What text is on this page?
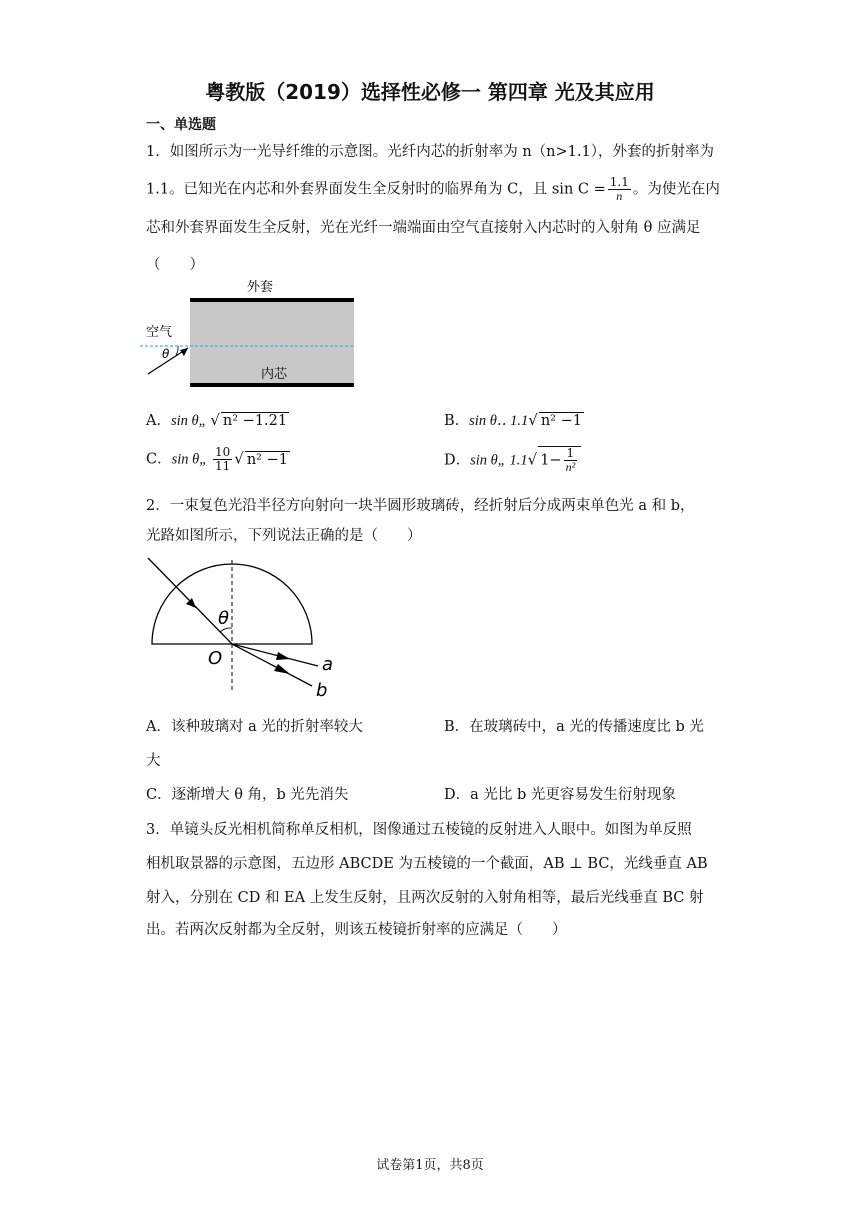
粤教版（2019）选择性必修一 第四章 光及其应用
一、单选题
1．如图所示为一光导纤维的示意图。光纤内芯的折射率为 n（n>1.1），外套的折射率为
1.1。已知光在内芯和外套界面发生全反射时的临界角为 C，且 $\sin C = \frac{1.1}{n}$ 。为使光在内
芯和外套界面发生全反射，光在光纤一端端面由空气直接射入内芯时的入射角 θ 应满足
（　　）
外套
空气
θ
内芯
A．sin θ„ √ n² −1.21	B．sin θ‥ 1.1√ n² −1
C．sin θ„ $\frac{10}{11}$ √ n² −1	D．sin θ„ 1.1√ $1- \frac{1}{\text{n²}}$
2．一束复色光沿半径方向射向一块半圆形玻璃砖，经折射后分成两束单色光 a 和 b，
光路如图所示，下列说法正确的是（　　）
θ
O	a
b
A．该种玻璃对 a 光的折射率较大	B．在玻璃砖中，a 光的传播速度比 b 光
大
C．逐渐增大 θ 角，b 光先消失	D．a 光比 b 光更容易发生衍射现象
3．单镜头反光相机简称单反相机，图像通过五棱镜的反射进入人眼中。如图为单反照
相机取景器的示意图，五边形 ABCDE 为五棱镜的一个截面，AB ⊥ BC，光线垂直 AB
射入，分别在 CD 和 EA 上发生反射，且两次反射的入射角相等，最后光线垂直 BC 射
出。若两次反射都为全反射，则该五棱镜折射率的应满足（　　）
试卷第1页，共8页
